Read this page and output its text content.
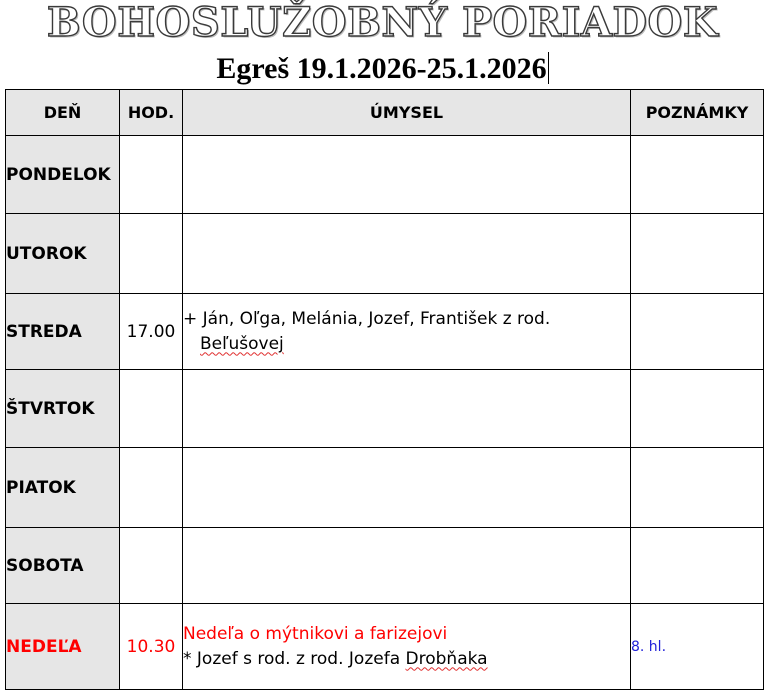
BOHOSLUŽOBNÝ PORIADOK
Egreš 19.1.2026-25.1.2026
DEŇ	HOD.	ÚMYSEL	POZNÁMKY
PONDELOK			
UTOROK			
STREDA	17.00	+ Ján, Oľga, Melánia, Jozef, František z rod.
Beľušovej	

ŠTVRTOK			
PIATOK			
SOBOTA			
NEDEĽA	10.30	Nedeľa o mýtnikovi a farizejovi
* Jozef s rod. z rod. Jozefa Drobňaka	8. hl.
